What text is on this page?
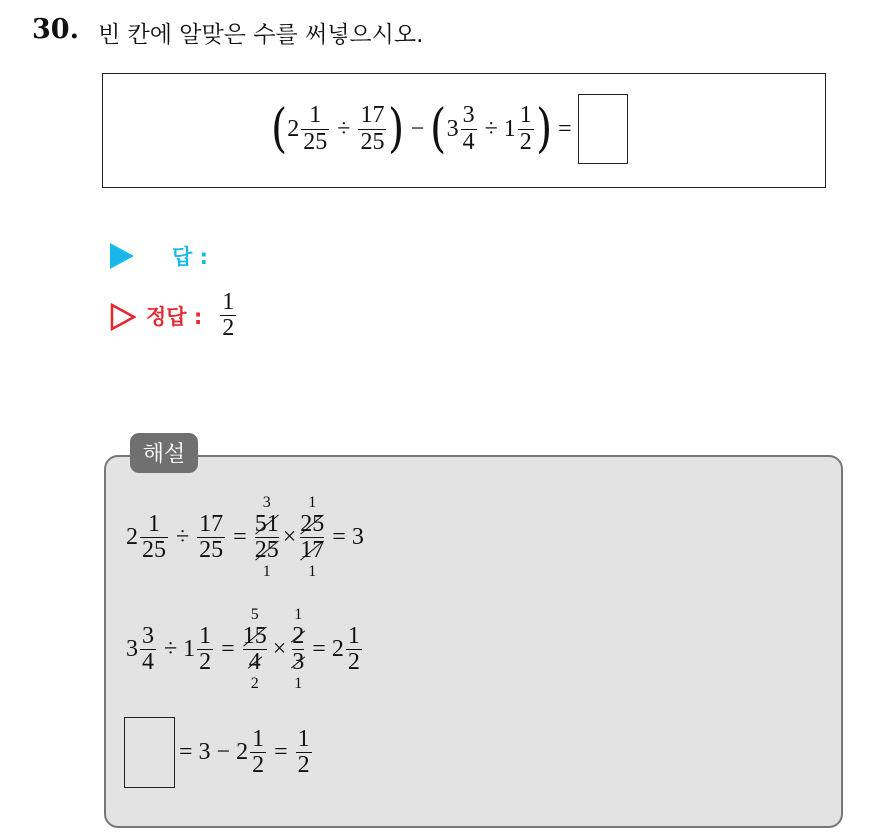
30. 빈 칸에 알맞은 수를 써넣으시오.
( $2 \frac{1}{25} \div \frac{17}{25}$ ) − ( $3 \frac{3}{4} \div 1 \frac{1}{2}$ ) =
답 :
정답 : $\frac{1}{2}$
해설
$2 \frac{1}{25} \div \frac{17}{25}$ =
3
51
25
1
×
1
25
17
1
= 3
$3 \frac{3}{4} \div 1 \frac{1}{2}$ =
5
15
4
2
×
1
2
3
1
= $2 \frac{1}{2}$
= $3 - 2 \frac{1}{2} = \frac{1}{2}$
